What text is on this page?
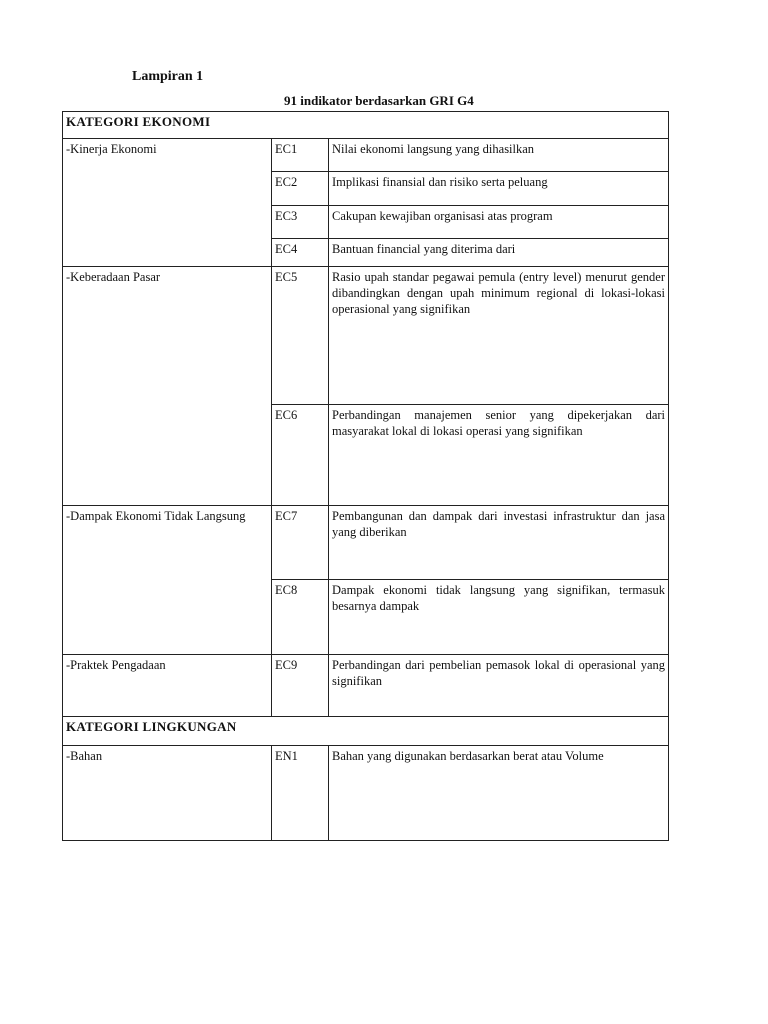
Lampiran 1
91 indikator berdasarkan GRI G4
KATEGORI EKONOMI		
-Kinerja Ekonomi	EC1	Nilai ekonomi langsung yang dihasilkan
	EC2	Implikasi finansial dan risiko serta peluang
	EC3	Cakupan kewajiban organisasi atas program
	EC4	Bantuan financial yang diterima dari
-Keberadaan Pasar	EC5	Rasio upah standar pegawai pemula (entry level) menurut gender dibandingkan dengan upah minimum regional di lokasi-lokasi operasional yang signifikan
	EC6	Perbandingan manajemen senior yang dipekerjakan dari masyarakat lokal di lokasi operasi yang signifikan
-Dampak Ekonomi Tidak Langsung	EC7	Pembangunan dan dampak dari investasi infrastruktur dan jasa yang diberikan
	EC8	Dampak ekonomi tidak langsung yang signifikan, termasuk besarnya dampak
-Praktek Pengadaan	EC9	Perbandingan dari pembelian pemasok lokal di operasional yang signifikan
KATEGORI LINGKUNGAN		
-Bahan	EN1	Bahan yang digunakan berdasarkan berat atau Volume
